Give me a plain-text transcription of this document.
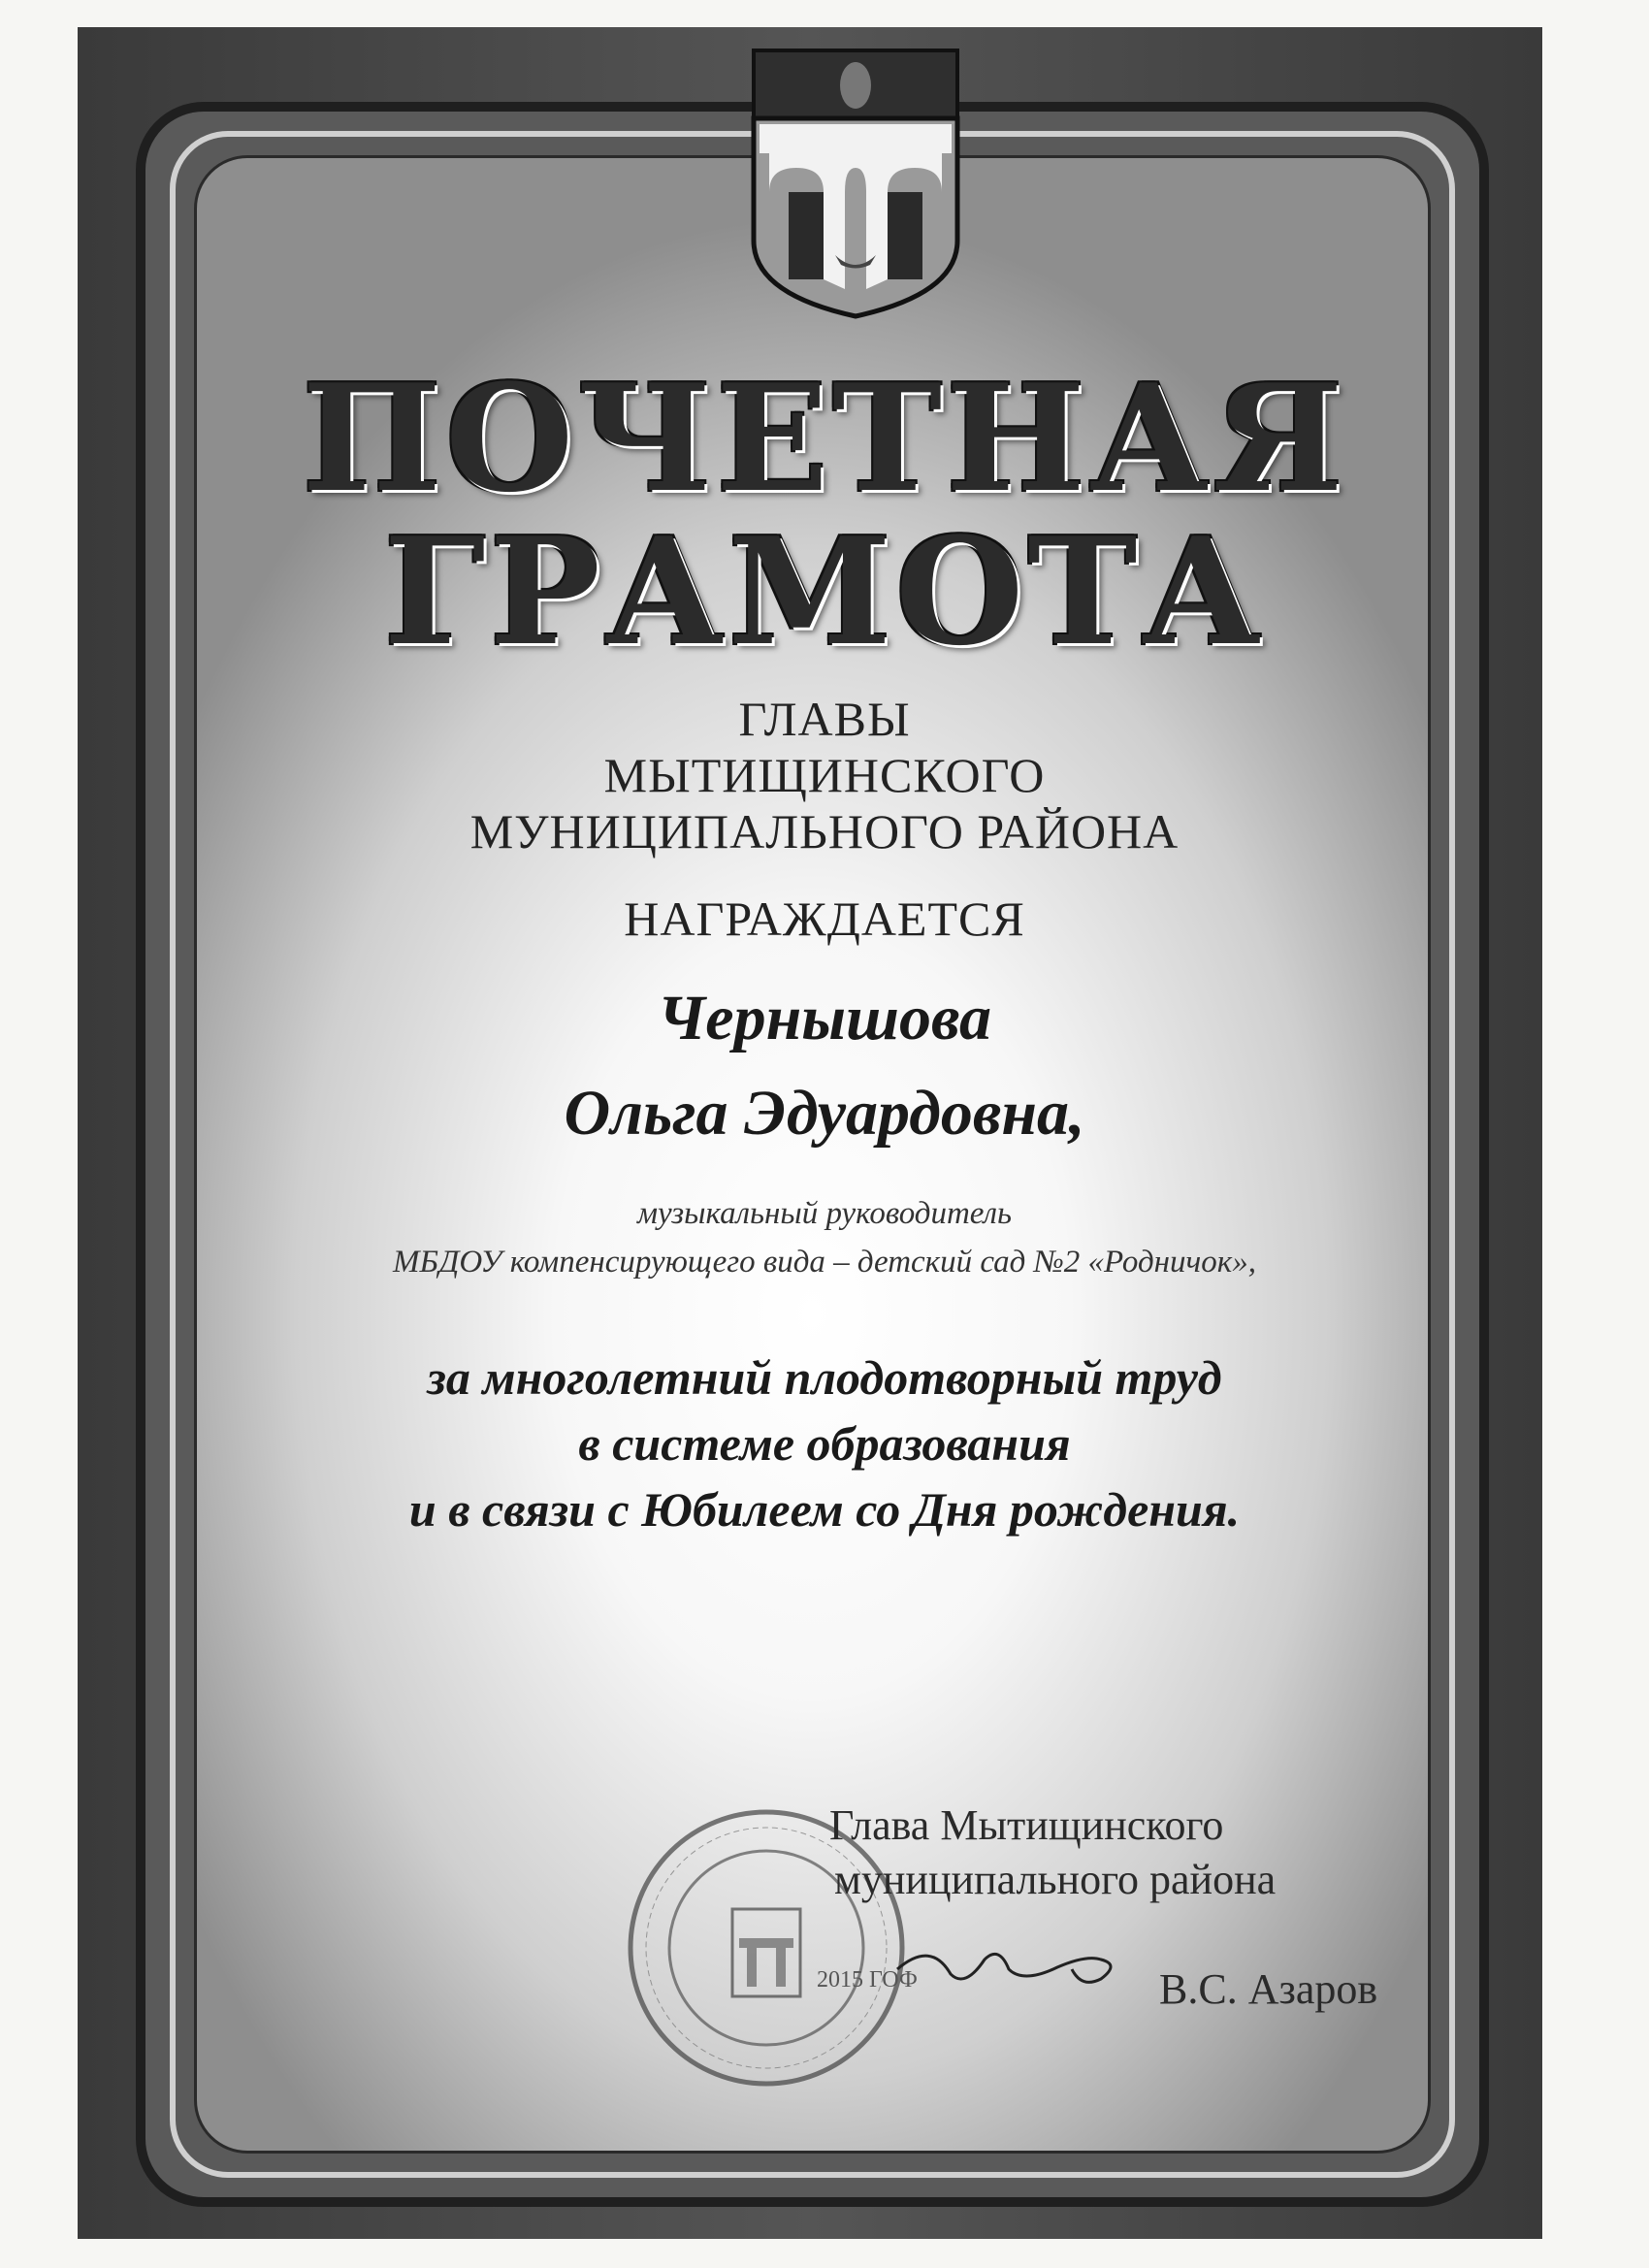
ПОЧЕТНАЯ
ГРАМОТА
ГЛАВЫ
МЫТИЩИНСКОГО
МУНИЦИПАЛЬНОГО РАЙОНА
НАГРАЖДАЕТСЯ
Чернышова
Ольга Эдуардовна,
музыкальный руководитель
МБДОУ компенсирующего вида – детский сад №2 «Родничок»,
за многолетний плодотворный труд
в системе образования
и в связи с Юбилеем со Дня рождения.
Глава Мытищинского
муниципального района
2015 ГОФ	В.С. Азаров
